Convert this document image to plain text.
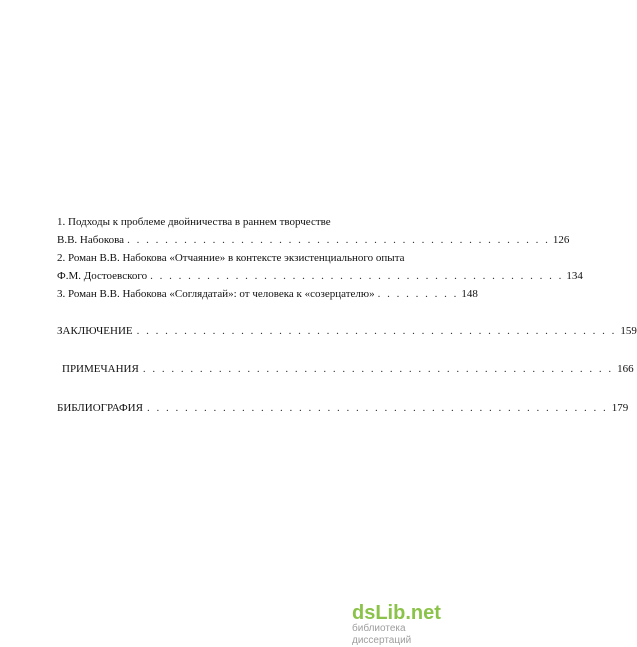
1. Подходы к проблеме двойничества в раннем творчестве
В.В. Набокова . . . . . . . . . . . . . . . . . . . . . . . . . . . . . . . . . . . . . . . . . . . . . 126
2. Роман В.В. Набокова «Отчаяние» в контексте экзистенциального опыта
Ф.М. Достоевского . . . . . . . . . . . . . . . . . . . . . . . . . . . . . . . . . . . . . . . . . . . . 134
3. Роман В.В. Набокова «Соглядатай»: от человека к «созерцателю» . . . . . . . . . 148
ЗАКЛЮЧЕНИЕ . . . . . . . . . . . . . . . . . . . . . . . . . . . . . . . . . . . . . . . . . . . . . . . . . . . 159
ПРИМЕЧАНИЯ . . . . . . . . . . . . . . . . . . . . . . . . . . . . . . . . . . . . . . . . . . . . . . . . . . 166
БИБЛИОГРАФИЯ . . . . . . . . . . . . . . . . . . . . . . . . . . . . . . . . . . . . . . . . . . . . . . . . . 179
dsLib.net
библиотека диссертаций
